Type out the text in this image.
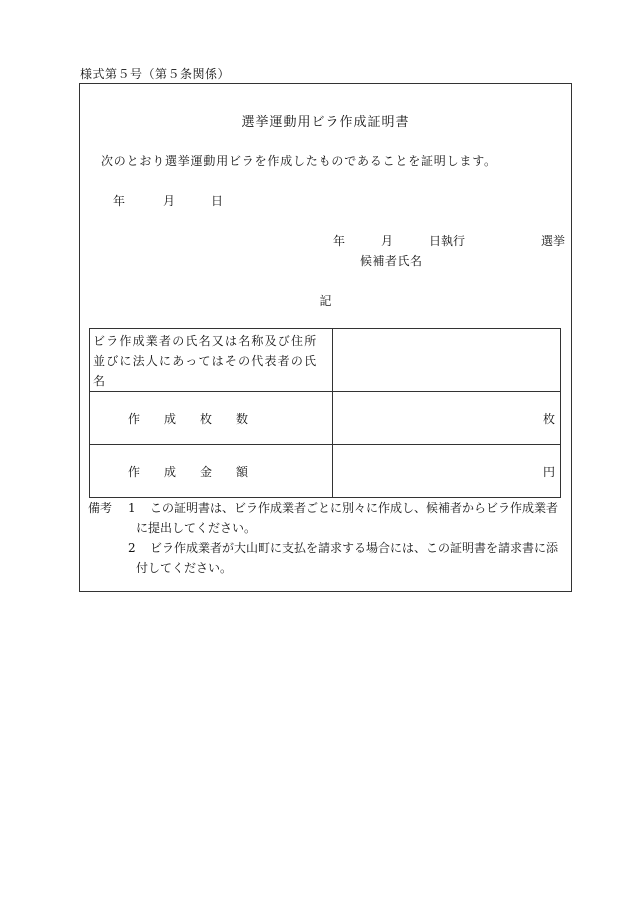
様式第５号（第５条関係）
選挙運動用ビラ作成証明書
次のとおり選挙運動用ビラを作成したものであることを証明します。
年	月	日
年	月	日執行	選挙
候補者氏名
記
ビラ作成業者の氏名又は名称及び住所並びに法人にあってはその代表者の氏名	
作 成 枚 数	枚
作 成 金 額	円
備考 1 この証明書は、ビラ作成業者ごとに別々に作成し、候補者からビラ作成業者
に提出してください。
2 ビラ作成業者が大山町に支払を請求する場合には、この証明書を請求書に添
付してください。
